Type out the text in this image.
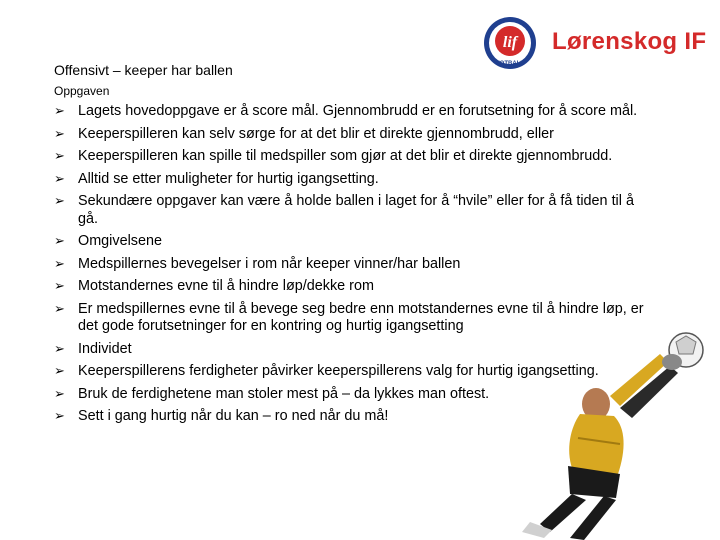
lif
FOTBALL
Lørenskog IF
Offensivt – keeper har ballen
Oppgaven
➢ Lagets hovedoppgave er å score mål. Gjennombrudd er en forutsetning for å score mål.
➢ Keeperspilleren kan selv sørge for at det blir et direkte gjennombrudd, eller
➢ Keeperspilleren kan spille til medspiller som gjør at det blir et direkte gjennombrudd.
➢ Alltid se etter muligheter for hurtig igangsetting.
➢ Sekundære oppgaver kan være å holde ballen i laget for å “hvile” eller for å få tiden til å gå.
➢ Omgivelsene
➢ Medspillernes bevegelser i rom når keeper vinner/har ballen
➢ Motstandernes evne til å hindre løp/dekke rom
➢ Er medspillernes evne til å bevege seg bedre enn motstandernes evne til å hindre løp, er det gode forutsetninger for en kontring og hurtig igangsetting
➢ Individet
➢ Keeperspillerens ferdigheter påvirker keeperspillerens valg for hurtig igangsetting.
➢ Bruk de ferdighetene man stoler mest på – da lykkes man oftest.
➢ Sett i gang hurtig når du kan – ro ned når du må!
